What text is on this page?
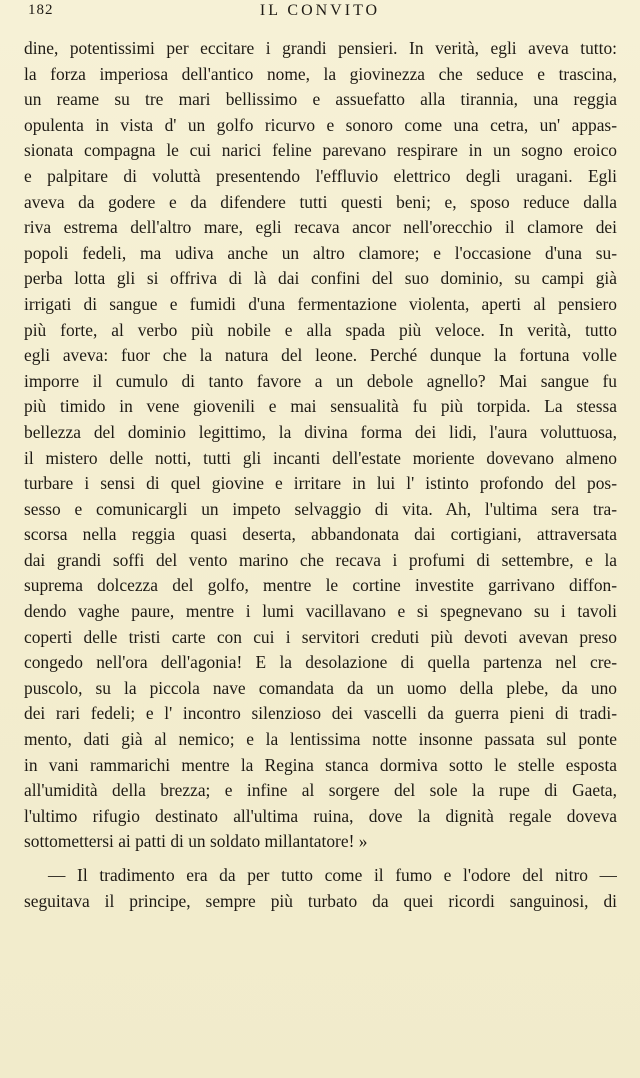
182	IL CONVITO
dine, potentissimi per eccitare i grandi pensieri. In verità, egli aveva tutto:
la forza imperiosa dell'antico nome, la giovinezza che seduce e trascina,
un reame su tre mari bellissimo e assuefatto alla tirannia, una reggia
opulenta in vista d' un golfo ricurvo e sonoro come una cetra, un' appas-
sionata compagna le cui narici feline parevano respirare in un sogno eroico
e palpitare di voluttà presentendo l'effluvio elettrico degli uragani. Egli
aveva da godere e da difendere tutti questi beni; e, sposo reduce dalla
riva estrema dell'altro mare, egli recava ancor nell'orecchio il clamore dei
popoli fedeli, ma udiva anche un altro clamore; e l'occasione d'una su-
perba lotta gli si offriva di là dai confini del suo dominio, su campi già
irrigati di sangue e fumidi d'una fermentazione violenta, aperti al pensiero
più forte, al verbo più nobile e alla spada più veloce. In verità, tutto
egli aveva: fuor che la natura del leone. Perché dunque la fortuna volle
imporre il cumulo di tanto favore a un debole agnello? Mai sangue fu
più timido in vene giovenili e mai sensualità fu più torpida. La stessa
bellezza del dominio legittimo, la divina forma dei lidi, l'aura voluttuosa,
il mistero delle notti, tutti gli incanti dell'estate moriente dovevano almeno
turbare i sensi di quel giovine e irritare in lui l' istinto profondo del pos-
sesso e comunicargli un impeto selvaggio di vita. Ah, l'ultima sera tra-
scorsa nella reggia quasi deserta, abbandonata dai cortigiani, attraversata
dai grandi soffi del vento marino che recava i profumi di settembre, e la
suprema dolcezza del golfo, mentre le cortine investite garrivano diffon-
dendo vaghe paure, mentre i lumi vacillavano e si spegnevano su i tavoli
coperti delle tristi carte con cui i servitori creduti più devoti avevan preso
congedo nell'ora dell'agonia! E la desolazione di quella partenza nel cre-
puscolo, su la piccola nave comandata da un uomo della plebe, da uno
dei rari fedeli; e l' incontro silenzioso dei vascelli da guerra pieni di tradi-
mento, dati già al nemico; e la lentissima notte insonne passata sul ponte
in vani rammarichi mentre la Regina stanca dormiva sotto le stelle esposta
all'umidità della brezza; e infine al sorgere del sole la rupe di Gaeta,
l'ultimo rifugio destinato all'ultima ruina, dove la dignità regale doveva
sottomettersi ai patti di un soldato millantatore! »
— Il tradimento era da per tutto come il fumo e l'odore del nitro —
seguitava il principe, sempre più turbato da quei ricordi sanguinosi, di
